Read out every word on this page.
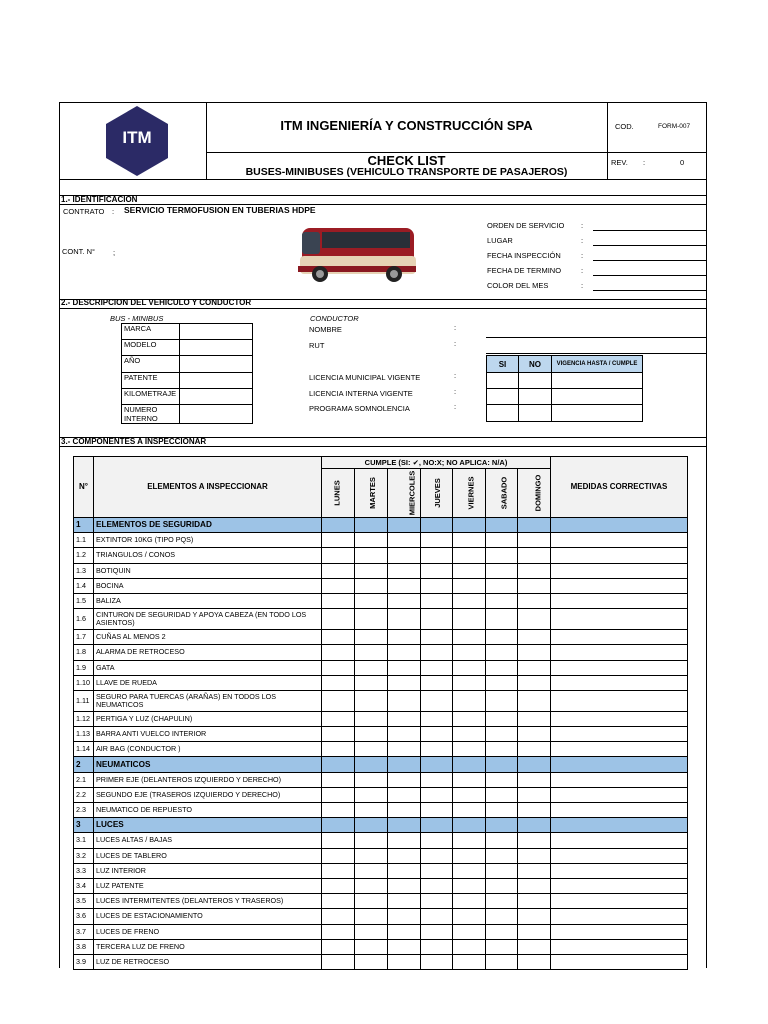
ITM
ITM INGENIERÍA Y CONSTRUCCIÓN SPA	COD.	FORM-007
CHECK LIST
BUSES-MINIBUSES (VEHICULO TRANSPORTE DE PASAJEROS)
REV. :	0
1.- IDENTIFICACION
CONTRATO : SERVICIO TERMOFUSION EN TUBERIAS HDPE
CONT. N° ;
ORDEN DE SERVICIO :
LUGAR	:
FECHA INSPECCIÓN	:
FECHA DE TERMINO	:
COLOR DEL MES	:
2.- DESCRIPCION DEL VEHICULO Y CONDUCTOR
BUS - MINIBUS	CONDUCTOR
MARCA	
MODELO	
AÑO	
PATENTE	
KILOMETRAJE	
NUMERO INTERNO	
NOMBRE	:
RUT	:
LICENCIA MUNICIPAL VIGENTE	:
LICENCIA INTERNA VIGENTE	:
PROGRAMA SOMNOLENCIA	:
SI	NO	VIGENCIA HASTA / CUMPLE

3.- COMPONENTES A INSPECCIONAR
N°	ELEMENTOS A INSPECCIONAR	CUMPLE (SI: ✔, NO:X; NO APLICA: N/A)							MEDIDAS CORRECTIVAS
		LUNES	MARTES	MIERCOLES	JUEVES	VIERNES	SABADO	DOMINGO	
1	ELEMENTOS DE SEGURIDAD								
1.1	EXTINTOR 10KG (TIPO PQS)								
1.2	TRIANGULOS / CONOS								
1.3	BOTIQUIN								
1.4	BOCINA								
1.5	BALIZA								
1.6	CINTURON DE SEGURIDAD Y APOYA CABEZA (EN TODO LOS ASIENTOS)								
1.7	CUÑAS AL MENOS 2								
1.8	ALARMA DE RETROCESO								
1.9	GATA								
1.10	LLAVE DE RUEDA								
1.11	SEGURO PARA TUERCAS (ARAÑAS) EN TODOS LOS NEUMATICOS								
1.12	PERTIGA Y LUZ (CHAPULIN)								
1.13	BARRA ANTI VUELCO INTERIOR								
1.14	AIR BAG (CONDUCTOR )								
2	NEUMATICOS								
2.1	PRIMER EJE (DELANTEROS IZQUIERDO Y DERECHO)								
2.2	SEGUNDO EJE (TRASEROS IZQUIERDO Y DERECHO)								
2.3	NEUMATICO DE REPUESTO								
3	LUCES								
3.1	LUCES ALTAS / BAJAS								
3.2	LUCES DE TABLERO								
3.3	LUZ INTERIOR								
3.4	LUZ PATENTE								
3.5	LUCES INTERMITENTES (DELANTEROS Y TRASEROS)								
3.6	LUCES DE ESTACIONAMIENTO								
3.7	LUCES DE FRENO								
3.8	TERCERA LUZ DE FRENO								
3.9	LUZ DE RETROCESO								
